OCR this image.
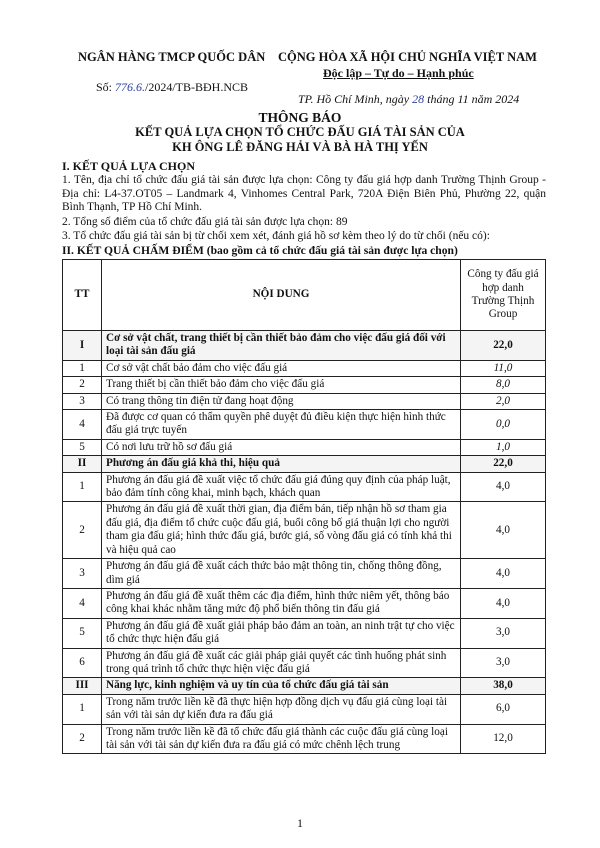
NGÂN HÀNG TMCP QUỐC DÂN CỘNG HÒA XÃ HỘI CHỦ NGHĨA VIỆT NAM
Độc lập – Tự do – Hạnh phúc
Số: 776.6./2024/TB-BĐH.NCB
TP. Hồ Chí Minh, ngày 28 tháng 11 năm 2024
THÔNG BÁO
KẾT QUẢ LỰA CHỌN TỔ CHỨC ĐẤU GIÁ TÀI SẢN CỦA
KH ÔNG LÊ ĐĂNG HẢI VÀ BÀ HÀ THỊ YẾN
I. KẾT QUẢ LỰA CHỌN
1. Tên, địa chỉ tổ chức đấu giá tài sản được lựa chọn: Công ty đấu giá hợp danh Trường Thịnh Group - Địa chỉ: L4-37.OT05 – Landmark 4, Vinhomes Central Park, 720A Điện Biên Phủ, Phường 22, quận Bình Thạnh, TP Hồ Chí Minh.
2. Tổng số điểm của tổ chức đấu giá tài sản được lựa chọn: 89
3. Tổ chức đấu giá tài sản bị từ chối xem xét, đánh giá hồ sơ kèm theo lý do từ chối (nếu có):
II. KẾT QUẢ CHẤM ĐIỂM (bao gồm cả tổ chức đấu giá tài sản được lựa chọn)
TT	NỘI DUNG	Công ty đấu giá hợp danh Trường Thịnh Group
I	Cơ sở vật chất, trang thiết bị cần thiết bảo đảm cho việc đấu giá đối với loại tài sản đấu giá	22,0
1	Cơ sở vật chất bảo đảm cho việc đấu giá	11,0
2	Trang thiết bị cần thiết bảo đảm cho việc đấu giá	8,0
3	Có trang thông tin điện tử đang hoạt động	2,0
4	Đã được cơ quan có thẩm quyền phê duyệt đủ điều kiện thực hiện hình thức đấu giá trực tuyến	0,0
5	Có nơi lưu trữ hồ sơ đấu giá	1,0
II	Phương án đấu giá khả thi, hiệu quả	22,0
1	Phương án đấu giá đề xuất việc tổ chức đấu giá đúng quy định của pháp luật, bảo đảm tính công khai, minh bạch, khách quan	4,0
2	Phương án đấu giá đề xuất thời gian, địa điểm bán, tiếp nhận hồ sơ tham gia đấu giá, địa điểm tổ chức cuộc đấu giá, buổi công bố giá thuận lợi cho người tham gia đấu giá; hình thức đấu giá, bước giá, số vòng đấu giá có tính khả thi và hiệu quả cao	4,0
3	Phương án đấu giá đề xuất cách thức bảo mật thông tin, chống thông đồng, dìm giá	4,0
4	Phương án đấu giá đề xuất thêm các địa điểm, hình thức niêm yết, thông báo công khai khác nhằm tăng mức độ phổ biến thông tin đấu giá	4,0
5	Phương án đấu giá đề xuất giải pháp bảo đảm an toàn, an ninh trật tự cho việc tổ chức thực hiện đấu giá	3,0
6	Phương án đấu giá đề xuất các giải pháp giải quyết các tình huống phát sinh trong quá trình tổ chức thực hiện việc đấu giá	3,0
III	Năng lực, kinh nghiệm và uy tín của tổ chức đấu giá tài sản	38,0
1	Trong năm trước liền kề đã thực hiện hợp đồng dịch vụ đấu giá cùng loại tài sản với tài sản dự kiến đưa ra đấu giá	6,0
2	Trong năm trước liền kề đã tổ chức đấu giá thành các cuộc đấu giá cùng loại tài sản với tài sản dự kiến đưa ra đấu giá có mức chênh lệch trung	12,0
1
